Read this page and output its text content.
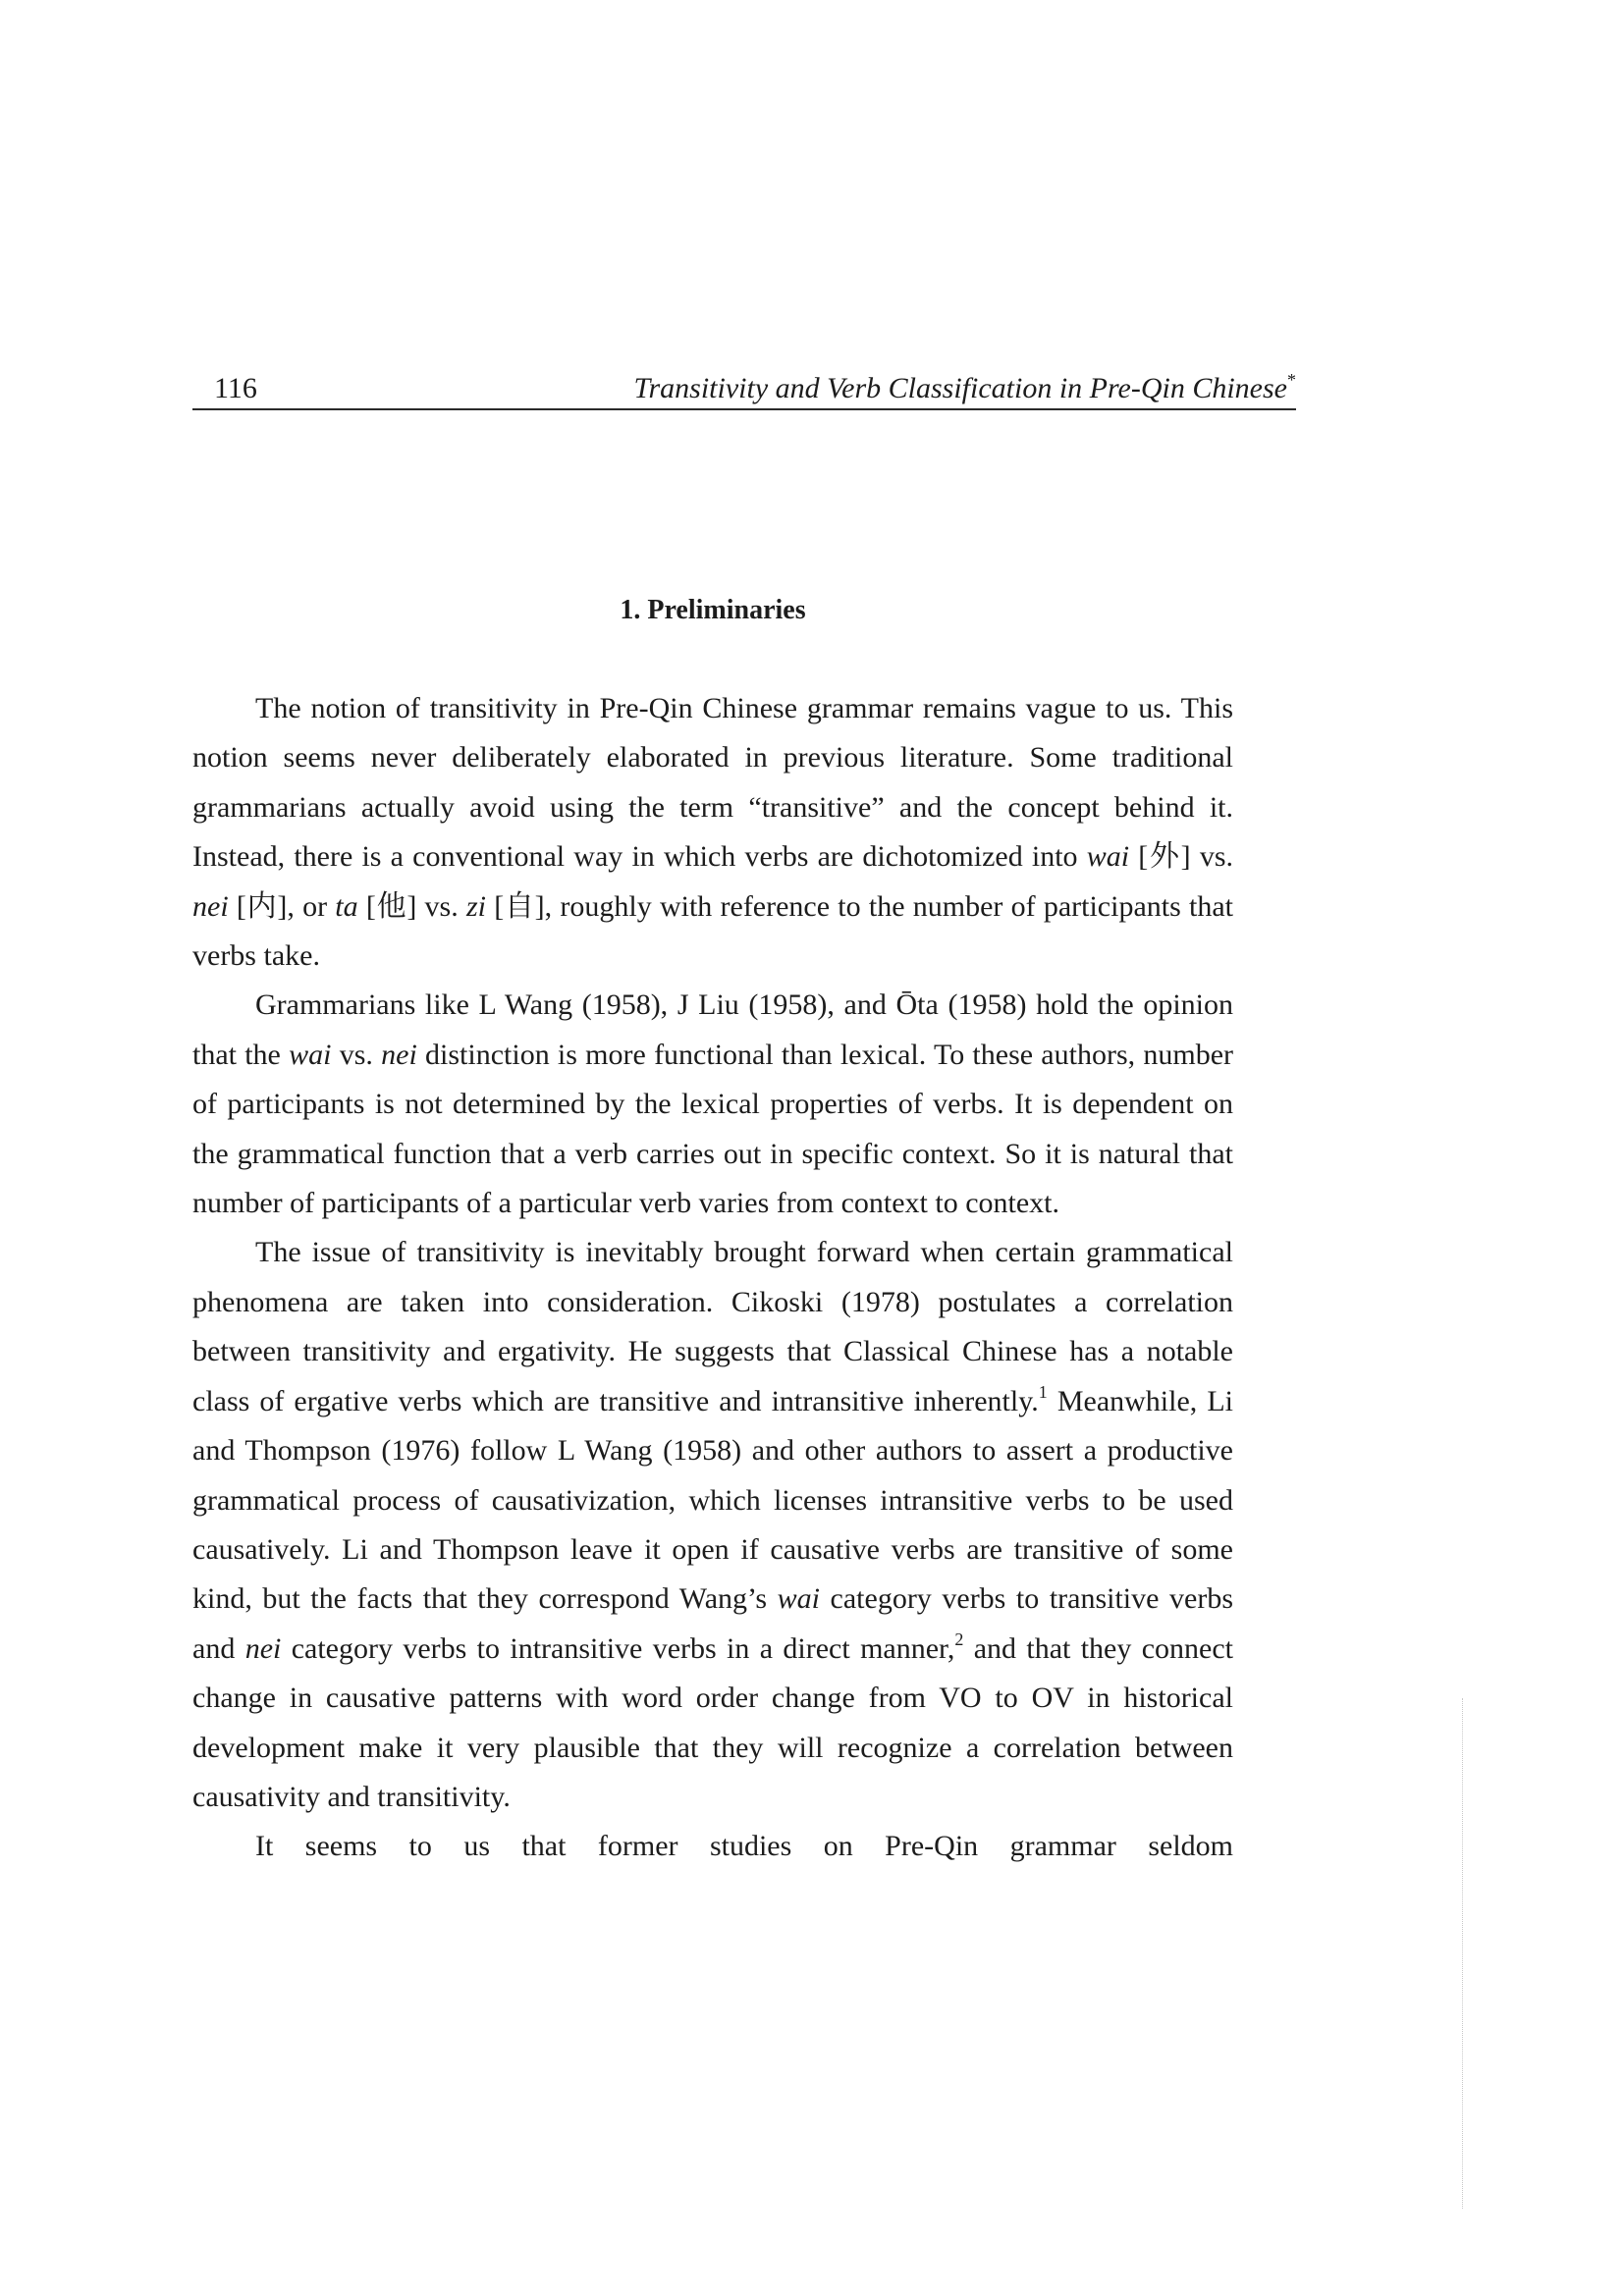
116	Transitivity and Verb Classification in Pre-Qin Chinese*
1. Preliminaries

The notion of transitivity in Pre-Qin Chinese grammar remains vague to us. This notion seems never deliberately elaborated in previous literature. Some traditional grammarians actually avoid using the term “transitive” and the concept behind it. Instead, there is a conventional way in which verbs are dichotomized into wai [外] vs. nei [内], or ta [他] vs. zi [自], roughly with reference to the number of participants that verbs take.

Grammarians like L Wang (1958), J Liu (1958), and Ōta (1958) hold the opinion that the wai vs. nei distinction is more functional than lexical. To these authors, number of participants is not determined by the lexical properties of verbs. It is dependent on the grammatical function that a verb carries out in specific context. So it is natural that number of participants of a particular verb varies from context to context.

The issue of transitivity is inevitably brought forward when certain grammatical phenomena are taken into consideration. Cikoski (1978) postulates a correlation between transitivity and ergativity. He suggests that Classical Chinese has a notable class of ergative verbs which are transitive and intransitive inherently.$^1$ Meanwhile, Li and Thompson (1976) follow L Wang (1958) and other authors to assert a productive grammatical process of causativization, which licenses intransitive verbs to be used causatively. Li and Thompson leave it open if causative verbs are transitive of some kind, but the facts that they correspond Wang’s wai category verbs to transitive verbs and nei category verbs to intransitive verbs in a direct manner,$^2$ and that they connect change in causative patterns with word order change from VO to OV in historical development make it very plausible that they will recognize a correlation between causativity and transitivity.

It seems to us that former studies on Pre-Qin grammar seldom
